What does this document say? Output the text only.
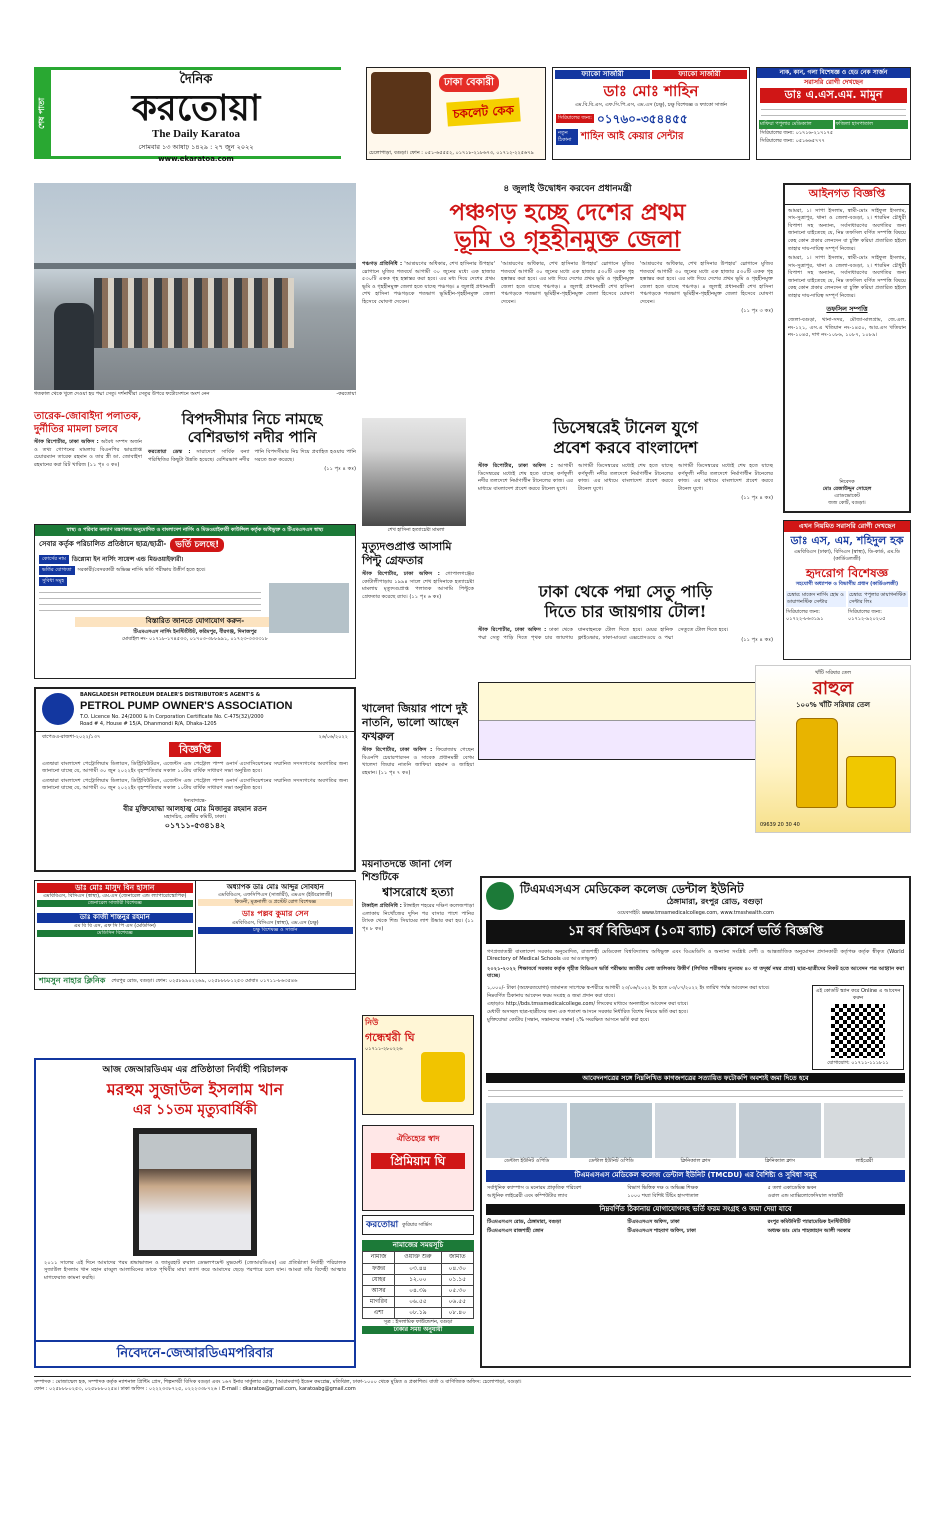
শেষ পাতা
দৈনিক
করতোয়া
The Daily Karatoa
সোমবার ১৩ আষাঢ় ১৪২৯ : ২৭ জুন ২০২২
www.ekaratoa.com
ঢাকা বেকারী
চকলেট কেক
চেলোপাড়া, বগুড়া। ফোন : ০৫১-৬৫৫৫২, ০১৭১৮-২১৮৬৭৩, ০১৭১২-২২৫৬৭৯
ফ্যাকো সার্জারী	ফ্যাকো সার্জারী
ডাঃ মোঃ শাহিন
এম.বি.বি.এস, এফ.সি.পি.এস, এম.এস (চক্ষু), চক্ষু বিশেষজ্ঞ ও ফ্যাকো সার্জন
সিরিয়ালের জন্য: ০১৭৬০-৩৫৪৪৫৫
নতুন ঠিকানা শাহিন আই কেয়ার সেন্টার
নাক, কান, গলা বিশেষজ্ঞ ও হেড নেক সার্জন
সরাসরি রোগী দেখছেন
ডাঃ এ.এস.এম. মামুন
মাফিয়া পপুলার মেডিক্যাল	ফজিলা হাসপাতাল
সিরিয়ালের জন্য: ০১৭১৬-২১৭১৭৫
সিরিয়ালের জন্য: ০৫১৬৬৫৭৭৭
গতকাল থেকে খুলে দেওয়া হয় পদ্মা সেতু। দর্শনার্থীরা সেতুর উপরে ফটোসেশনে অংশ নেন	-করতোয়া
৪ জুলাই উদ্বোধন করবেন প্রধানমন্ত্রী
পঞ্চগড় হচ্ছে দেশের প্রথম
ভূমি ও গৃহহীনমুক্ত জেলা

পঞ্চগড় প্রতিনিধি : 'আশ্রয়ণের অধিকার, শেখ হাসিনার উপহার' স্লোগানে মুজিব শতবর্ষে আগামী ৩০ জুনের মধ্যে এক হাজার ৫৩০টি একক গৃহ হস্তান্তর করা হবে। এর মধ্য দিয়ে দেশের প্রথম ভূমি ও গৃহহীনমুক্ত জেলা হতে যাচ্ছে পঞ্চগড়। ৪ জুলাই প্রধানমন্ত্রী শেখ হাসিনা পঞ্চগড়কে শতভাগ ভূমিহীন-গৃহহীনমুক্ত জেলা হিসেবে ঘোষণা দেবেন।

'আশ্রয়ণের অধিকার, শেখ হাসিনার উপহার' স্লোগানে মুজিব শতবর্ষে আগামী ৩০ জুনের মধ্যে এক হাজার ৫৩০টি একক গৃহ হস্তান্তর করা হবে। এর মধ্য দিয়ে দেশের প্রথম ভূমি ও গৃহহীনমুক্ত জেলা হতে যাচ্ছে পঞ্চগড়। ৪ জুলাই প্রধানমন্ত্রী শেখ হাসিনা পঞ্চগড়কে শতভাগ ভূমিহীন-গৃহহীনমুক্ত জেলা হিসেবে ঘোষণা দেবেন।

'আশ্রয়ণের অধিকার, শেখ হাসিনার উপহার' স্লোগানে মুজিব শতবর্ষে আগামী ৩০ জুনের মধ্যে এক হাজার ৫৩০টি একক গৃহ হস্তান্তর করা হবে। এর মধ্য দিয়ে দেশের প্রথম ভূমি ও গৃহহীনমুক্ত জেলা হতে যাচ্ছে পঞ্চগড়। ৪ জুলাই প্রধানমন্ত্রী শেখ হাসিনা পঞ্চগড়কে শতভাগ ভূমিহীন-গৃহহীনমুক্ত জেলা হিসেবে ঘোষণা দেবেন।

(১১ পৃঃ ৩ কঃ)

তারেক-জোবাইদা পলাতক, দুর্নীতির মামলা চলবে

স্টাফ রিপোর্টার, ঢাকা অফিস : অবৈধ সম্পদ অর্জন ও তথ্য গোপনের মামলায় বিএনপির ভারপ্রাপ্ত চেয়ারম্যান তারেক রহমান ও তার স্ত্রী ডা. জোবাইদা রহমানের করা রিট খারিজ (১১ পৃঃ ৩ কঃ)

বিপদসীমার নিচে নামছে
বেশিরভাগ নদীর পানি

করতোয়া ডেস্ক : সারাদেশে সার্বিক বন্যা পরিস্থিতির কিছুটা উন্নতি হয়েছে। বেশিরভাগ নদীর পানি বিপদসীমার নিচ দিয়ে প্রবাহিত হওয়ায় পানি সরতে শুরু করেছে।

(১১ পৃঃ ৪ কঃ)

আইনগত বিজ্ঞপ্তি

আমরা, ১। সাপা ইসলাম, স্বামী-মোঃ সাইফুল ইসলাম, সাং-সুত্রাপুর, থানা ও জেলা-বগুড়া, ২। শারমিন চৌধুরী বিপাশা সহ অন্যান্য, সর্বসাধারণের অবগতির জন্য জানানো যাইতেছে যে, নিম্ন তফসিল বর্ণিত সম্পত্তি বিষয়ে কেহ কোন প্রকার লেনদেন বা চুক্তি করিয়া প্রতারিত হইলে তাহার দায়-দায়িত্ব সম্পূর্ণ নিজের।

আমরা, ১। সাপা ইসলাম, স্বামী-মোঃ সাইফুল ইসলাম, সাং-সুত্রাপুর, থানা ও জেলা-বগুড়া, ২। শারমিন চৌধুরী বিপাশা সহ অন্যান্য, সর্বসাধারণের অবগতির জন্য জানানো যাইতেছে যে, নিম্ন তফসিল বর্ণিত সম্পত্তি বিষয়ে কেহ কোন প্রকার লেনদেন বা চুক্তি করিয়া প্রতারিত হইলে তাহার দায়-দায়িত্ব সম্পূর্ণ নিজের।

তফসিল সম্পত্তি

জেলা-বগুড়া, থানা-সদর, মৌজা-মালগ্রাম, জে.এল. নং-১২১, এস.এ খতিয়ান নং-১৪৫০, আর.এস খতিয়ান নং-১০৪৫, দাগ নং-১০৮৬, ১০৮৭, ১০৮৯।

নিবেদক
মোঃ রেজাউদ্দুন সোহেল
এ্যাডভোকেট
জজ কোর্ট, বগুড়া।
শেখ হাসিনা হত্যাচেষ্টা মামলা
মৃত্যুদণ্ডপ্রাপ্ত আসামি পিন্টু গ্রেফতার

স্টাফ রিপোর্টার, ঢাকা অফিস : গোপালগঞ্জের কোটালীপাড়ায় ১৯৯৪ সালে শেখ হাসিনাকে হত্যাচেষ্টা মামলায় মৃত্যুদণ্ডপ্রাপ্ত পলাতক আসামি পিন্টুকে গ্রেফতার করেছে র‌্যাব। (১১ পৃঃ ৬ কঃ)

ডিসেম্বরেই টানেল যুগে
প্রবেশ করবে বাংলাদেশ

স্টাফ রিপোর্টার, ঢাকা অফিস : আগামী ডিসেম্বরের মধ্যেই শেষ হতে যাচ্ছে কর্ণফুলী নদীর তলদেশে নির্মাণাধীন টানেলের কাজ। এর মাধ্যমে বাংলাদেশ প্রবেশ করবে টানেল যুগে।

আগামী ডিসেম্বরের মধ্যেই শেষ হতে যাচ্ছে কর্ণফুলী নদীর তলদেশে নির্মাণাধীন টানেলের কাজ। এর মাধ্যমে বাংলাদেশ প্রবেশ করবে টানেল যুগে।

আগামী ডিসেম্বরের মধ্যেই শেষ হতে যাচ্ছে কর্ণফুলী নদীর তলদেশে নির্মাণাধীন টানেলের কাজ। এর মাধ্যমে বাংলাদেশ প্রবেশ করবে টানেল যুগে।

(১১ পৃঃ ৪ কঃ)

ঢাকা থেকে পদ্মা সেতু পাড়ি
দিতে চার জায়গায় টোল!

স্টাফ রিপোর্টার, ঢাকা অফিস : ঢাকা থেকে পদ্মা সেতু পাড়ি দিতে পৃথক চার জায়গায় যানবাহনকে টোল দিতে হবে। মেয়র হানিফ ফ্লাইওভার, ঢাকা-মাওয়া এক্সপ্রেসওয়ে ও পদ্মা সেতুতে টোল দিতে হবে।

(১১ পৃঃ ৪ কঃ)

এখন নিয়মিত সরাসরি রোগী দেখছেন
ডাঃ এস, এম, শহিদুল হক
এমবিবিএস (ঢাকা), বিসিএস (স্বাস্থ্য), ডি-কার্ড, এম.ডি (কার্ডিওলজী)
হৃদরোগ বিশেষজ্ঞ
সহযোগী অধ্যাপক ও বিভাগীয় প্রধান (কার্ডিওলজী)
চেম্বার: মাকেস নার্সিং হোম ও ডায়াগনস্টিক সেন্টার
চেম্বার: পপুলার ডায়াগনস্টিক সেন্টার লিঃ
সিরিয়ালের জন্য: ০১৭২২-৮৬৩১৯১
সিরিয়ালের জন্য: ০১৭১২-৯২০২০৫
খাঁটি সরিষার তেল
রাহুল
১০০% খাঁটি সরিষার তেল
09639 20 30 40
স্বাস্থ্য ও পরিবার কল্যাণ মন্ত্রণালয় অনুমোদিত ও বাংলাদেশ নার্সিং ও মিডওয়াইফারী কাউন্সিল কর্তৃক অধিভুক্ত ও টিএমএসএস স্বাস্থ্য
সেবার কর্তৃক পরিচালিত প্রতিষ্ঠানে ছাত্র/ছাত্রী-	ভর্তি চলছে!
কোর্সের নাম	ডিপ্লোমা ইন নার্সিং সায়েন্স এন্ড মিডওয়াইফারী।
ভর্তির যোগ্যতা	সরকারী/বেসরকারী অভিজ্ঞ নার্সিং ভর্তি পরীক্ষায় উত্তীর্ণ হতে হবে।
সুবিধা সমূহ
বিস্তারিত জানতে যোগাযোগ করুন-
টিএমএসএস নার্সিং ইনস্টিটিউট, করিমপুর, বীরগঞ্জ, দিনাজপুর
মোবাইল নং- ০১৭১৮-১৭৪৫৩৩, ০১৭০৩-৩৮৮৯৯১, ০১৭২৩-৩৩৩৩১৮
BANGLADESH PETROLEUM DEALER'S DISTRIBUTOR'S AGENT'S &
PETROL PUMP OWNER'S ASSOCIATION
T.O. Licence No. 24/2000 & In Corporation Certificate No. C-475(32)/2000
Road # 4, House # 15/A, Dhanmondi R/A, Dhaka-1205
বাপেওএ-রাজশা-২০২২/১৩৭	২৬/০৬/২০২২
বিজ্ঞপ্তি

এতদ্বারা বাংলাদেশ পেট্রোলিয়াম ডিলারস, ডিস্ট্রিবিউটরস, এজেন্টস এন্ড পেট্রোল পাম্প ওনার্স এসোসিয়েশনের সম্মানিত সদস্যগণের অবগতির জন্য জানানো যাচ্ছে যে, আগামী ৩০ জুন ২০২২ইং বৃহস্পতিবার সকাল ১০টায় বার্ষিক সাধারণ সভা অনুষ্ঠিত হবে।

এতদ্বারা বাংলাদেশ পেট্রোলিয়াম ডিলারস, ডিস্ট্রিবিউটরস, এজেন্টস এন্ড পেট্রোল পাম্প ওনার্স এসোসিয়েশনের সম্মানিত সদস্যগণের অবগতির জন্য জানানো যাচ্ছে যে, আগামী ৩০ জুন ২০২২ইং বৃহস্পতিবার সকাল ১০টায় বার্ষিক সাধারণ সভা অনুষ্ঠিত হবে।

ধন্যবাদান্তে-
বীর মুক্তিযোদ্ধা আলহাজ্ব মোঃ মিজানুর রহমান রতন
মহাসচিব, কেন্দ্রীয় কমিটি, ঢাকা।
০১৭১১-৫৩৪১৪২
খালেদা জিয়ার পাশে দুই নাতনি, ভালো আছেন ফখরুল

স্টাফ রিপোর্টার, ঢাকা অফিস : ফিরোজায় গেছেন বিএনপি চেয়ারপারসন ও সাবেক প্রধানমন্ত্রী বেগম খালেদা জিয়ার নাতনি জাফিয়া রহমান ও জাহিয়া রহমান। (১১ পৃঃ ৭ কঃ)

ময়নাতদন্তে জানা গেল শিশুটিকে
শ্বাসরোধে হত্যা

টাঙ্গাইল প্রতিনিধি : টাঙ্গাইল শহরের দক্ষিণ কলেজপাড়া এলাকায় নিখোঁজের দুদিন পর বাসার পাশে পানির ট্যাংক থেকে শিশু সিয়ামের লাশ উদ্ধার করা হয়। (১১ পৃঃ ৮ কঃ)

ডাঃ মোঃ মাসুদ বিন হাসান
এমবিবিএস, বিসিএস (স্বাস্থ্য), এম.এস (জেনারেল এন্ড ল্যাপারোস্কোপিক)
জেনারেল সার্জারী বিশেষজ্ঞ
ডাঃ কাজী শান্তনুর রহমান
এম বি বি এস, এফ সি পি এস (মেডিসিন)
মেডিসিন বিশেষজ্ঞ
অধ্যাপক ডাঃ মোঃ আব্দুর সোবহান
এমবিবিএস, এফসিপিএস (সার্জারী), এমএস (ইউরোলজী)
কিডনী, মূত্রনালী ও প্রস্টেট রোগ বিশেষজ্ঞ
ডাঃ পল্লব কুমার সেন
এমবিবিএস, বিসিএস (স্বাস্থ্য), এম.এস (চক্ষু)
চক্ষু বিশেষজ্ঞ ও সার্জন
শামসুন নাহার ক্লিনিক শেরপুর রোড, বগুড়া। ফোন: ০২৫৮৯৯০২২৬৯, ০২৫৮৮৮৮১২৫৩ মোবাঃ ০১৭১১-৮৬৩৫৪৬
নিউ
গন্ধেশ্বরী ঘি
০১৭১১-২৮০২২৬
ঐতিহ্যের স্বাদ
প্রিমিয়াম ঘি
করতোয়া কুরিয়ার সার্ভিস
নামাজের সময়সূচি
নামাজ	ওয়াক্ত শুরু	জামাত
ফজর	০৩.৪৪	০৪.৩০
যোহর	১২.০০	০১.১৫
আসর	০৪.৩৯	০৫.৩০
মাগরিব	০৬.৫৫	০৬.৫৫
এশা	০৮.১৯	০৮.৪০
সূত্র : ইসলামিক ফাউন্ডেশন, বগুড়া
ঢাকার সময় অনুযায়ী
আজ জেআরডিএম এর প্রতিষ্ঠাতা নির্বাহী পরিচালক
মরহুম সুজাউল ইসলাম খান
এর ১১তম মৃত্যুবার্ষিকী

২০১১ সালের এই দিনে আমাদের পরম শ্রদ্ধাভাজন ও জামুরহাট রুরাল ডেভলপমেন্ট মুভমেন্ট (জেআরডিএম) এর প্রতিষ্ঠাতা নির্বাহী পরিচালক সুজাউল ইসলাম খান মহান রাব্বুল আলামিনের ডাকে পৃথিবীর মায়া ত্যাগ করে আমাদের ছেড়ে পরপারে চলে যান। আমরা তাঁর বিদেহী আত্মার মাগফেরাত কামনা করছি।

নিবেদনে-জেআরডিএমপরিবার
টিএমএসএস মেডিকেল কলেজ ডেন্টাল ইউনিট
ঠেঙ্গামারা, রংপুর রোড, বগুড়া
ওয়েবসাইট: www.tmssmedicalcollege.com, www.tmsshealth.com
১ম বর্ষ বিডিএস (১০ম ব্যাচ) কোর্সে ভর্তি বিজ্ঞপ্তি

গণপ্রজাতন্ত্রী বাংলাদেশ সরকার অনুমোদিত, রাজশাহী মেডিকেল বিশ্ববিদ্যালয় অধিভুক্ত এবং বিএমডিসি ও অন্যান্য সংশ্লিষ্ট দেশী ও আন্তর্জাতিক অনুমোদন প্রদানকারী কর্তৃপক্ষ কর্তৃক স্বীকৃত (World Directory of Medical Schools এর আওতাভুক্ত)

২০২১-২০২২ শিক্ষাবর্ষে সরকার কর্তৃক গৃহীত বিডিএস ভর্তি পরীক্ষায় জাতীয় মেধা তালিকায় উত্তীর্ণ (লিখিত পরীক্ষায় ন্যূনতম ৪০ বা তদূর্ধ্ব নম্বর প্রাপ্ত) ছাত্র-ছাত্রীদের নিকট হতে আবেদন পত্র আহ্বান করা যাচ্ছে।

১,০০০/- টাকা (অফেরতযোগ্য) জামানত সাপেক্ষে স্ব-শরীরে আগামী ২৩/০৬/২০২২ ইং হতে ০৩/০৭/২০২২ ইং তারিখ পর্যন্ত আবেদন করা যাবে।
নিম্নবর্ণিত ঠিকানায় আবেদন ফরম সংগ্রহ ও জমা প্রদান করা যাবে।
এছাড়াও http://bds.tmssmedicalcollege.com/ লিংকের মাধ্যমে অনলাইনে আবেদন করা যাবে।
মেধাবী অসচ্ছল ছাত্র-ছাত্রীদের জন্য এক শতাংশ আসনে সরকার নির্ধারিত বিশেষ নিয়মে ভর্তি করা হবে।
মুক্তিযোদ্ধা কোটায় (সন্তান, সন্তানদের সন্তান) ২% সংরক্ষিত আসনে ভর্তি করা হবে।
এই কোডটি স্ক্যান করে Online এ আবেদন করুন
যোগাযোগ: ০১৭১১-১১১৮১১
আবেদনপত্রের সঙ্গে নিম্নলিখিত কাগজপত্রের সত্যায়িত ফটোকপি অবশ্যই জমা দিতে হবে
ডেন্টাল ইউনিট ওপিডি	ডেন্টাল ইউনিট ওপিডি	ক্লিনিক্যাল ক্লাস	ক্লিনিক্যাল ক্লাস	লাইব্রেরী
টিএমএসএস মেডিকেল কলেজ ডেন্টাল ইউনিট (TMCDU) এর বৈশিষ্ট্য ও সুবিধা সমূহ
সর্বাধুনিক ক্যাম্পাস ও মনোরম প্রাকৃতিক পরিবেশ	বিভাগ ভিত্তিক দক্ষ ও অভিজ্ঞ শিক্ষক	৫ তলা একাডেমিক ভবন
আধুনিক লাইব্রেরী এবং কম্পিউটার ল্যাব	১০০০ শয্যা বিশিষ্ট টিচিং হাসপাতাল	ওরাল এন্ড ম্যাক্সিলোফেসিয়াল সার্জারী
নিম্নবর্ণিত ঠিকানায় যোগাযোগসহ ভর্তি ফরম সংগ্রহ ও জমা দেয়া যাবে
টিএমএসএস রোড, ঠেঙ্গামারা, বগুড়া	টিএমএসএস অফিস, ঢাকা	রংপুর কমিউনিটি প্যারামেডিক ইনস্টিটিউট
টিএমএসএস রাজশাহী জোন	টিএমএসএস শাহবাগ অফিস, ঢাকা	অধ্যক্ষ ডাঃ মোঃ শাহজাহান আলী সরকার
সম্পাদক : মোজাম্মেল হক, সম্পাদক কর্তৃক ন্যাশনাল প্রিন্টিং প্রেস, শিল্পনগরী বিসিক বগুড়া এবং ১৬৭ ইনার সার্কুলার রোড, (আরামবাগ) ইডেন কমপ্লেক্স, মতিঝিল, ঢাকা-১০০০ থেকে মুদ্রিত ও প্রকাশিত। বার্তা ও বাণিজ্যিক অফিস: চেলোপাড়া, বগুড়া।
ফোন : ০২৫৮৮৮০২৫৩, ০২৫৮৮৮০২৫৪। ঢাকা অফিস : ০২২২৩৩৮৭২৫, ০২২২৩৩৮৭২৬ । E-mail : dkaratoa@gmail.com, karatoabg@gmail.com
